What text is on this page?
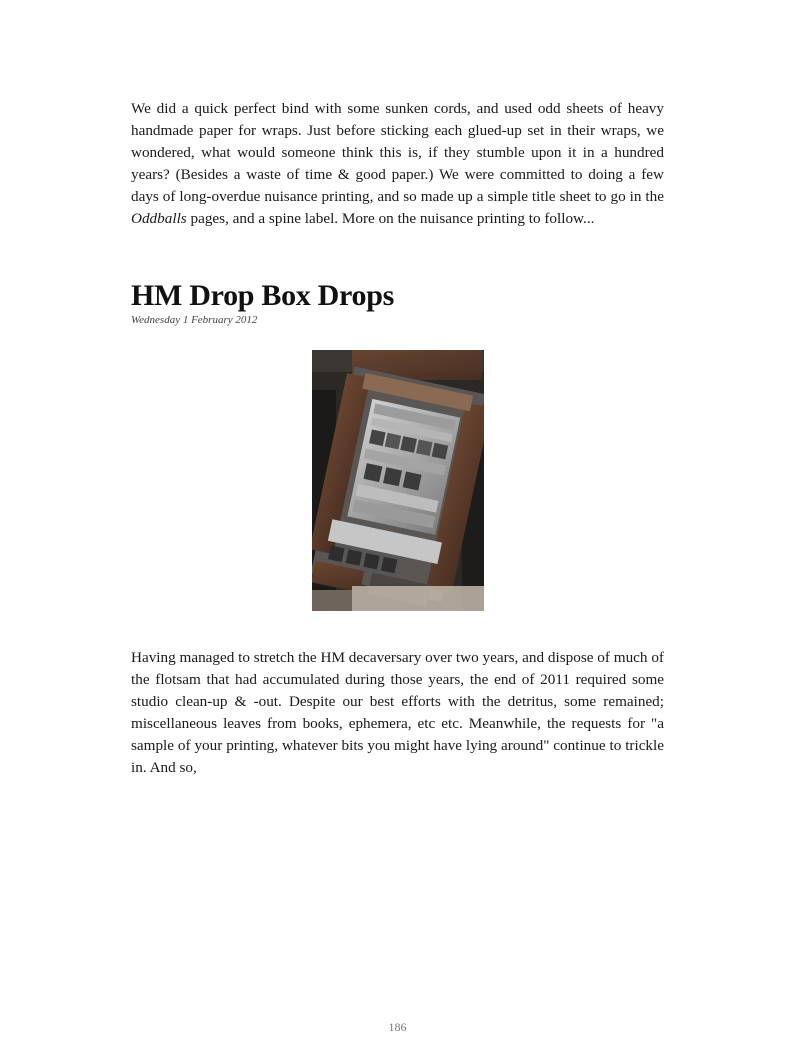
We did a quick perfect bind with some sunken cords, and used odd sheets of heavy handmade paper for wraps. Just before sticking each glued-up set in their wraps, we wondered, what would someone think this is, if they stumble upon it in a hundred years? (Besides a waste of time & good paper.) We were committed to doing a few days of long-overdue nuisance printing, and so made up a simple title sheet to go in the Oddballs pages, and a spine label. More on the nuisance printing to follow...

HM Drop Box Drops
Wednesday 1 February 2012

Having managed to stretch the HM decaversary over two years, and dispose of much of the flotsam that had accumulated during those years, the end of 2011 required some studio clean-up & -out. Despite our best efforts with the detritus, some remained; miscellaneous leaves from books, ephemera, etc etc. Meanwhile, the requests for "a sample of your printing, whatever bits you might have lying around" continue to trickle in. And so,

186
